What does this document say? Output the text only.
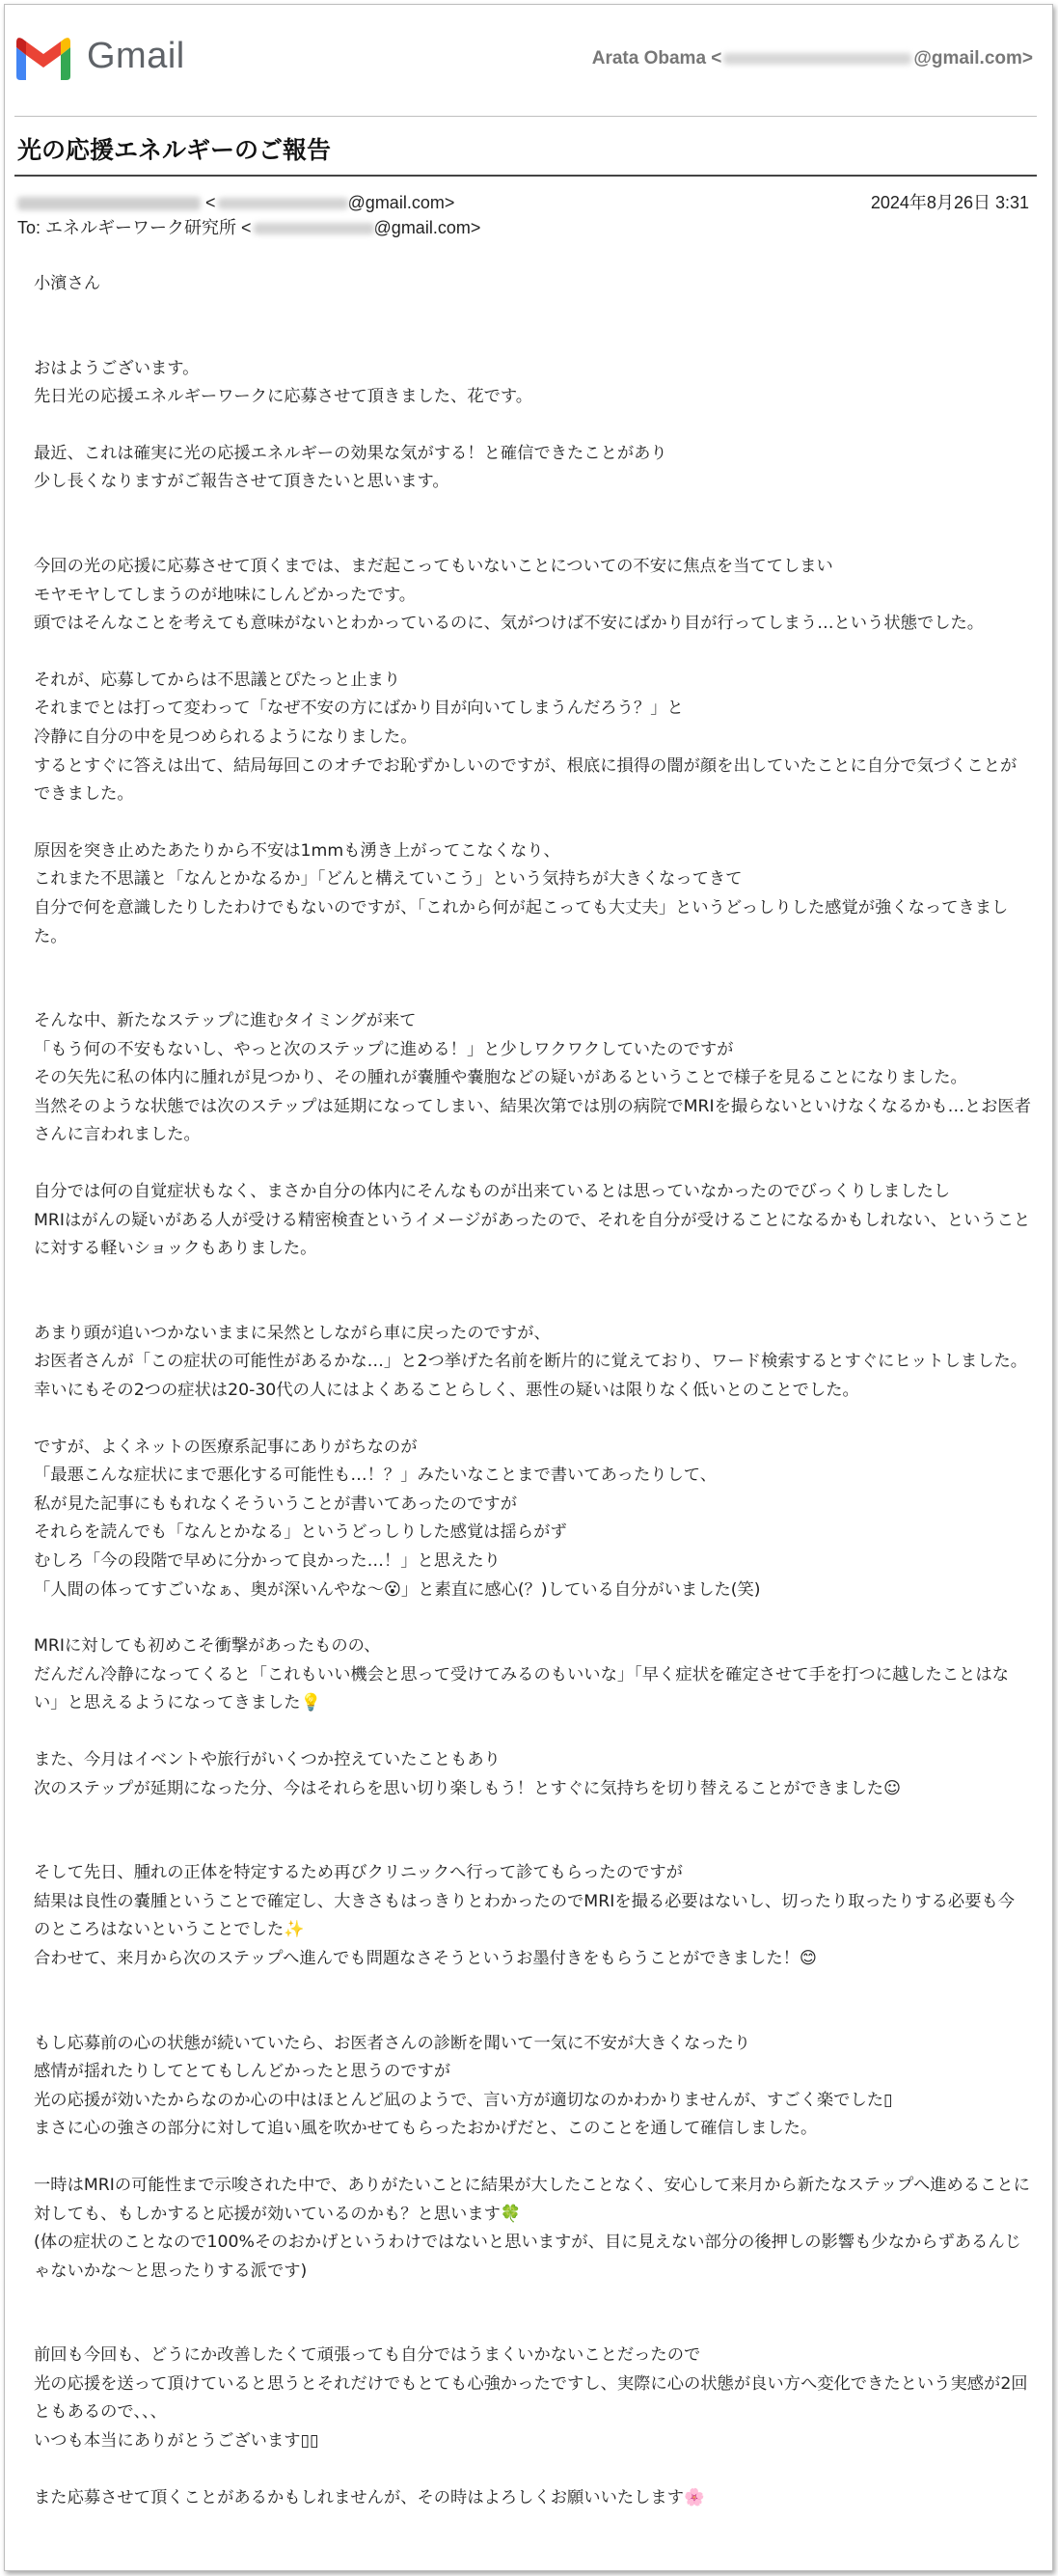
Gmail	Arata Obama <	@gmail.com>
光の応援エネルギーのご報告
<	@gmail.com>	2024年8月26日 3:31
To: エネルギーワーク研究所 <	@gmail.com>

小濱さん

おはようございます。
先日光の応援エネルギーワークに応募させて頂きました、花です。

最近、これは確実に光の応援エネルギーの効果な気がする！と確信できたことがあり
少し長くなりますがご報告させて頂きたいと思います。

今回の光の応援に応募させて頂くまでは、まだ起こってもいないことについての不安に焦点を当ててしまい
モヤモヤしてしまうのが地味にしんどかったです。
頭ではそんなことを考えても意味がないとわかっているのに、気がつけば不安にばかり目が行ってしまう…という状態でした。

それが、応募してからは不思議とぴたっと止まり
それまでとは打って変わって「なぜ不安の方にばかり目が向いてしまうんだろう？」と
冷静に自分の中を見つめられるようになりました。
するとすぐに答えは出て、結局毎回このオチでお恥ずかしいのですが、根底に損得の闇が顔を出していたことに自分で気づくことができました。

原因を突き止めたあたりから不安は1mmも湧き上がってこなくなり、
これまた不思議と「なんとかなるか」「どんと構えていこう」という気持ちが大きくなってきて
自分で何を意識したりしたわけでもないのですが、「これから何が起こっても大丈夫」というどっしりした感覚が強くなってきました。

そんな中、新たなステップに進むタイミングが来て
「もう何の不安もないし、やっと次のステップに進める！」と少しワクワクしていたのですが
その矢先に私の体内に腫れが見つかり、その腫れが嚢腫や嚢胞などの疑いがあるということで様子を見ることになりました。
当然そのような状態では次のステップは延期になってしまい、結果次第では別の病院でMRIを撮らないといけなくなるかも…とお医者さんに言われました。

自分では何の自覚症状もなく、まさか自分の体内にそんなものが出来ているとは思っていなかったのでびっくりしましたし
MRIはがんの疑いがある人が受ける精密検査というイメージがあったので、それを自分が受けることになるかもしれない、ということに対する軽いショックもありました。

あまり頭が追いつかないままに呆然としながら車に戻ったのですが、
お医者さんが「この症状の可能性があるかな…」と2つ挙げた名前を断片的に覚えており、ワード検索するとすぐにヒットしました。
幸いにもその2つの症状は20-30代の人にはよくあることらしく、悪性の疑いは限りなく低いとのことでした。

ですが、よくネットの医療系記事にありがちなのが
「最悪こんな症状にまで悪化する可能性も…！？」みたいなことまで書いてあったりして、
私が見た記事にももれなくそういうことが書いてあったのですが
それらを読んでも「なんとかなる」というどっしりした感覚は揺らがず
むしろ「今の段階で早めに分かって良かった…！」と思えたり
「人間の体ってすごいなぁ、奥が深いんやな〜😮」と素直に感心(？)している自分がいました(笑)

MRIに対しても初めこそ衝撃があったものの、
だんだん冷静になってくると「これもいい機会と思って受けてみるのもいいな」「早く症状を確定させて手を打つに越したことはない」と思えるようになってきました💡

また、今月はイベントや旅行がいくつか控えていたこともあり
次のステップが延期になった分、今はそれらを思い切り楽しもう！とすぐに気持ちを切り替えることができました☺

そして先日、腫れの正体を特定するため再びクリニックへ行って診てもらったのですが
結果は良性の嚢腫ということで確定し、大きさもはっきりとわかったのでMRIを撮る必要はないし、切ったり取ったりする必要も今のところはないということでした✨
合わせて、来月から次のステップへ進んでも問題なさそうというお墨付きをもらうことができました！😊

もし応募前の心の状態が続いていたら、お医者さんの診断を聞いて一気に不安が大きくなったり
感情が揺れたりしてとてもしんどかったと思うのですが
光の応援が効いたからなのか心の中はほとんど凪のようで、言い方が適切なのかわかりませんが、すごく楽でした▯
まさに心の強さの部分に対して追い風を吹かせてもらったおかげだと、このことを通して確信しました。

一時はMRIの可能性まで示唆された中で、ありがたいことに結果が大したことなく、安心して来月から新たなステップへ進めることに対しても、もしかすると応援が効いているのかも？と思います🍀
(体の症状のことなので100%そのおかげというわけではないと思いますが、目に見えない部分の後押しの影響も少なからずあるんじゃないかな〜と思ったりする派です)

前回も今回も、どうにか改善したくて頑張っても自分ではうまくいかないことだったので
光の応援を送って頂けていると思うとそれだけでもとても心強かったですし、実際に心の状態が良い方へ変化できたという実感が2回ともあるので、、、
いつも本当にありがとうございます▯▯

また応募させて頂くことがあるかもしれませんが、その時はよろしくお願いいたします🌸
